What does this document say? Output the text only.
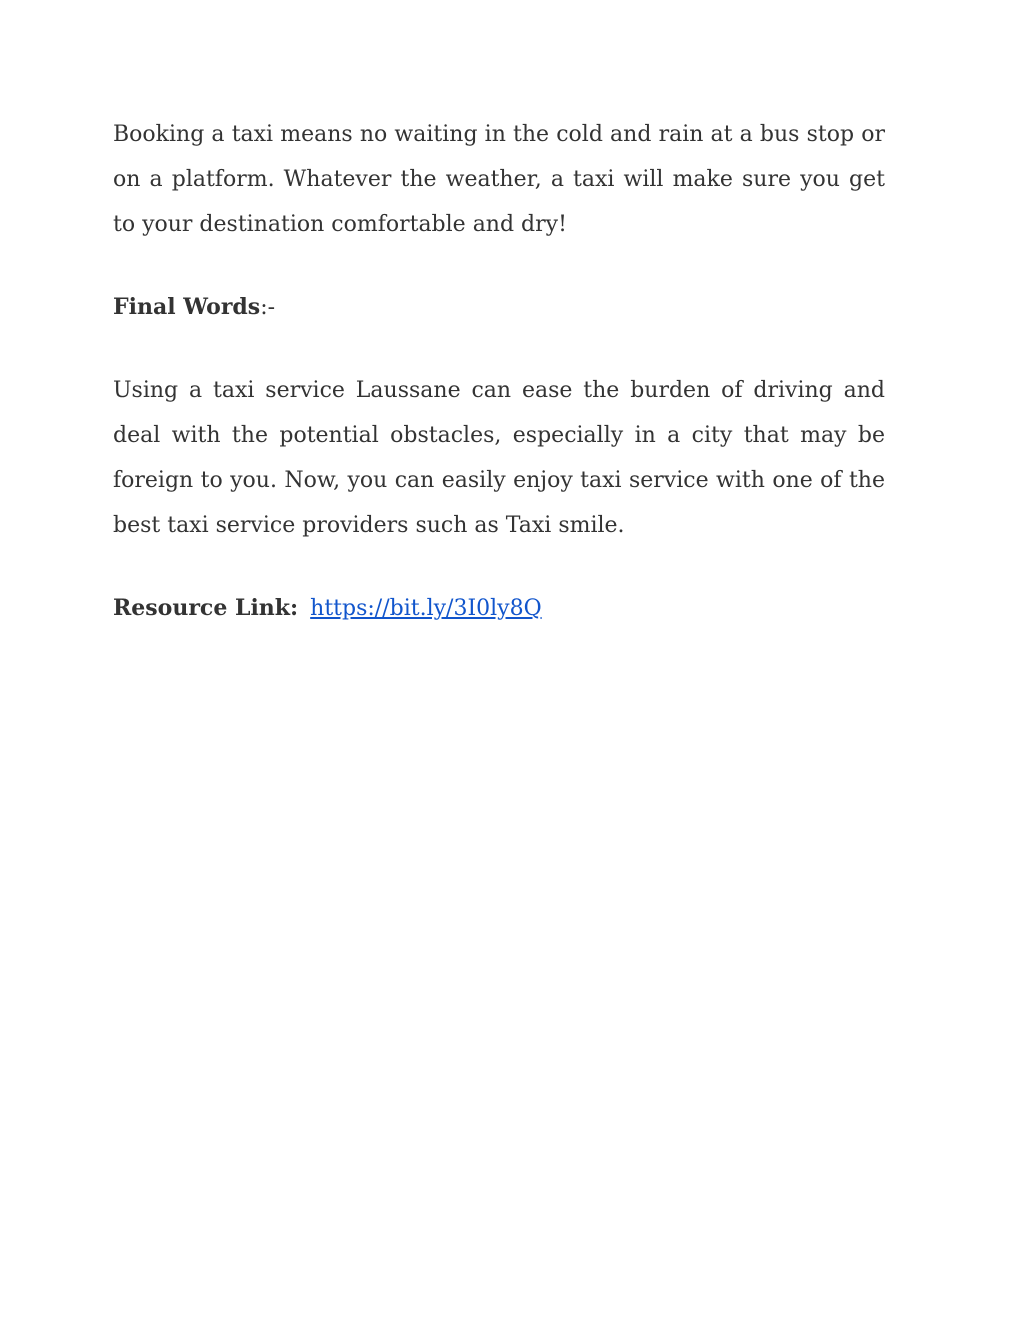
Booking a taxi means no waiting in the cold and rain at a bus stop or on a platform. Whatever the weather, a taxi will make sure you get to your destination comfortable and dry!

Final Words:-

Using a taxi service Laussane can ease the burden of driving and deal with the potential obstacles, especially in a city that may be foreign to you. Now, you can easily enjoy taxi service with one of the best taxi service providers such as Taxi smile.

Resource Link: https://bit.ly/3I0ly8Q
